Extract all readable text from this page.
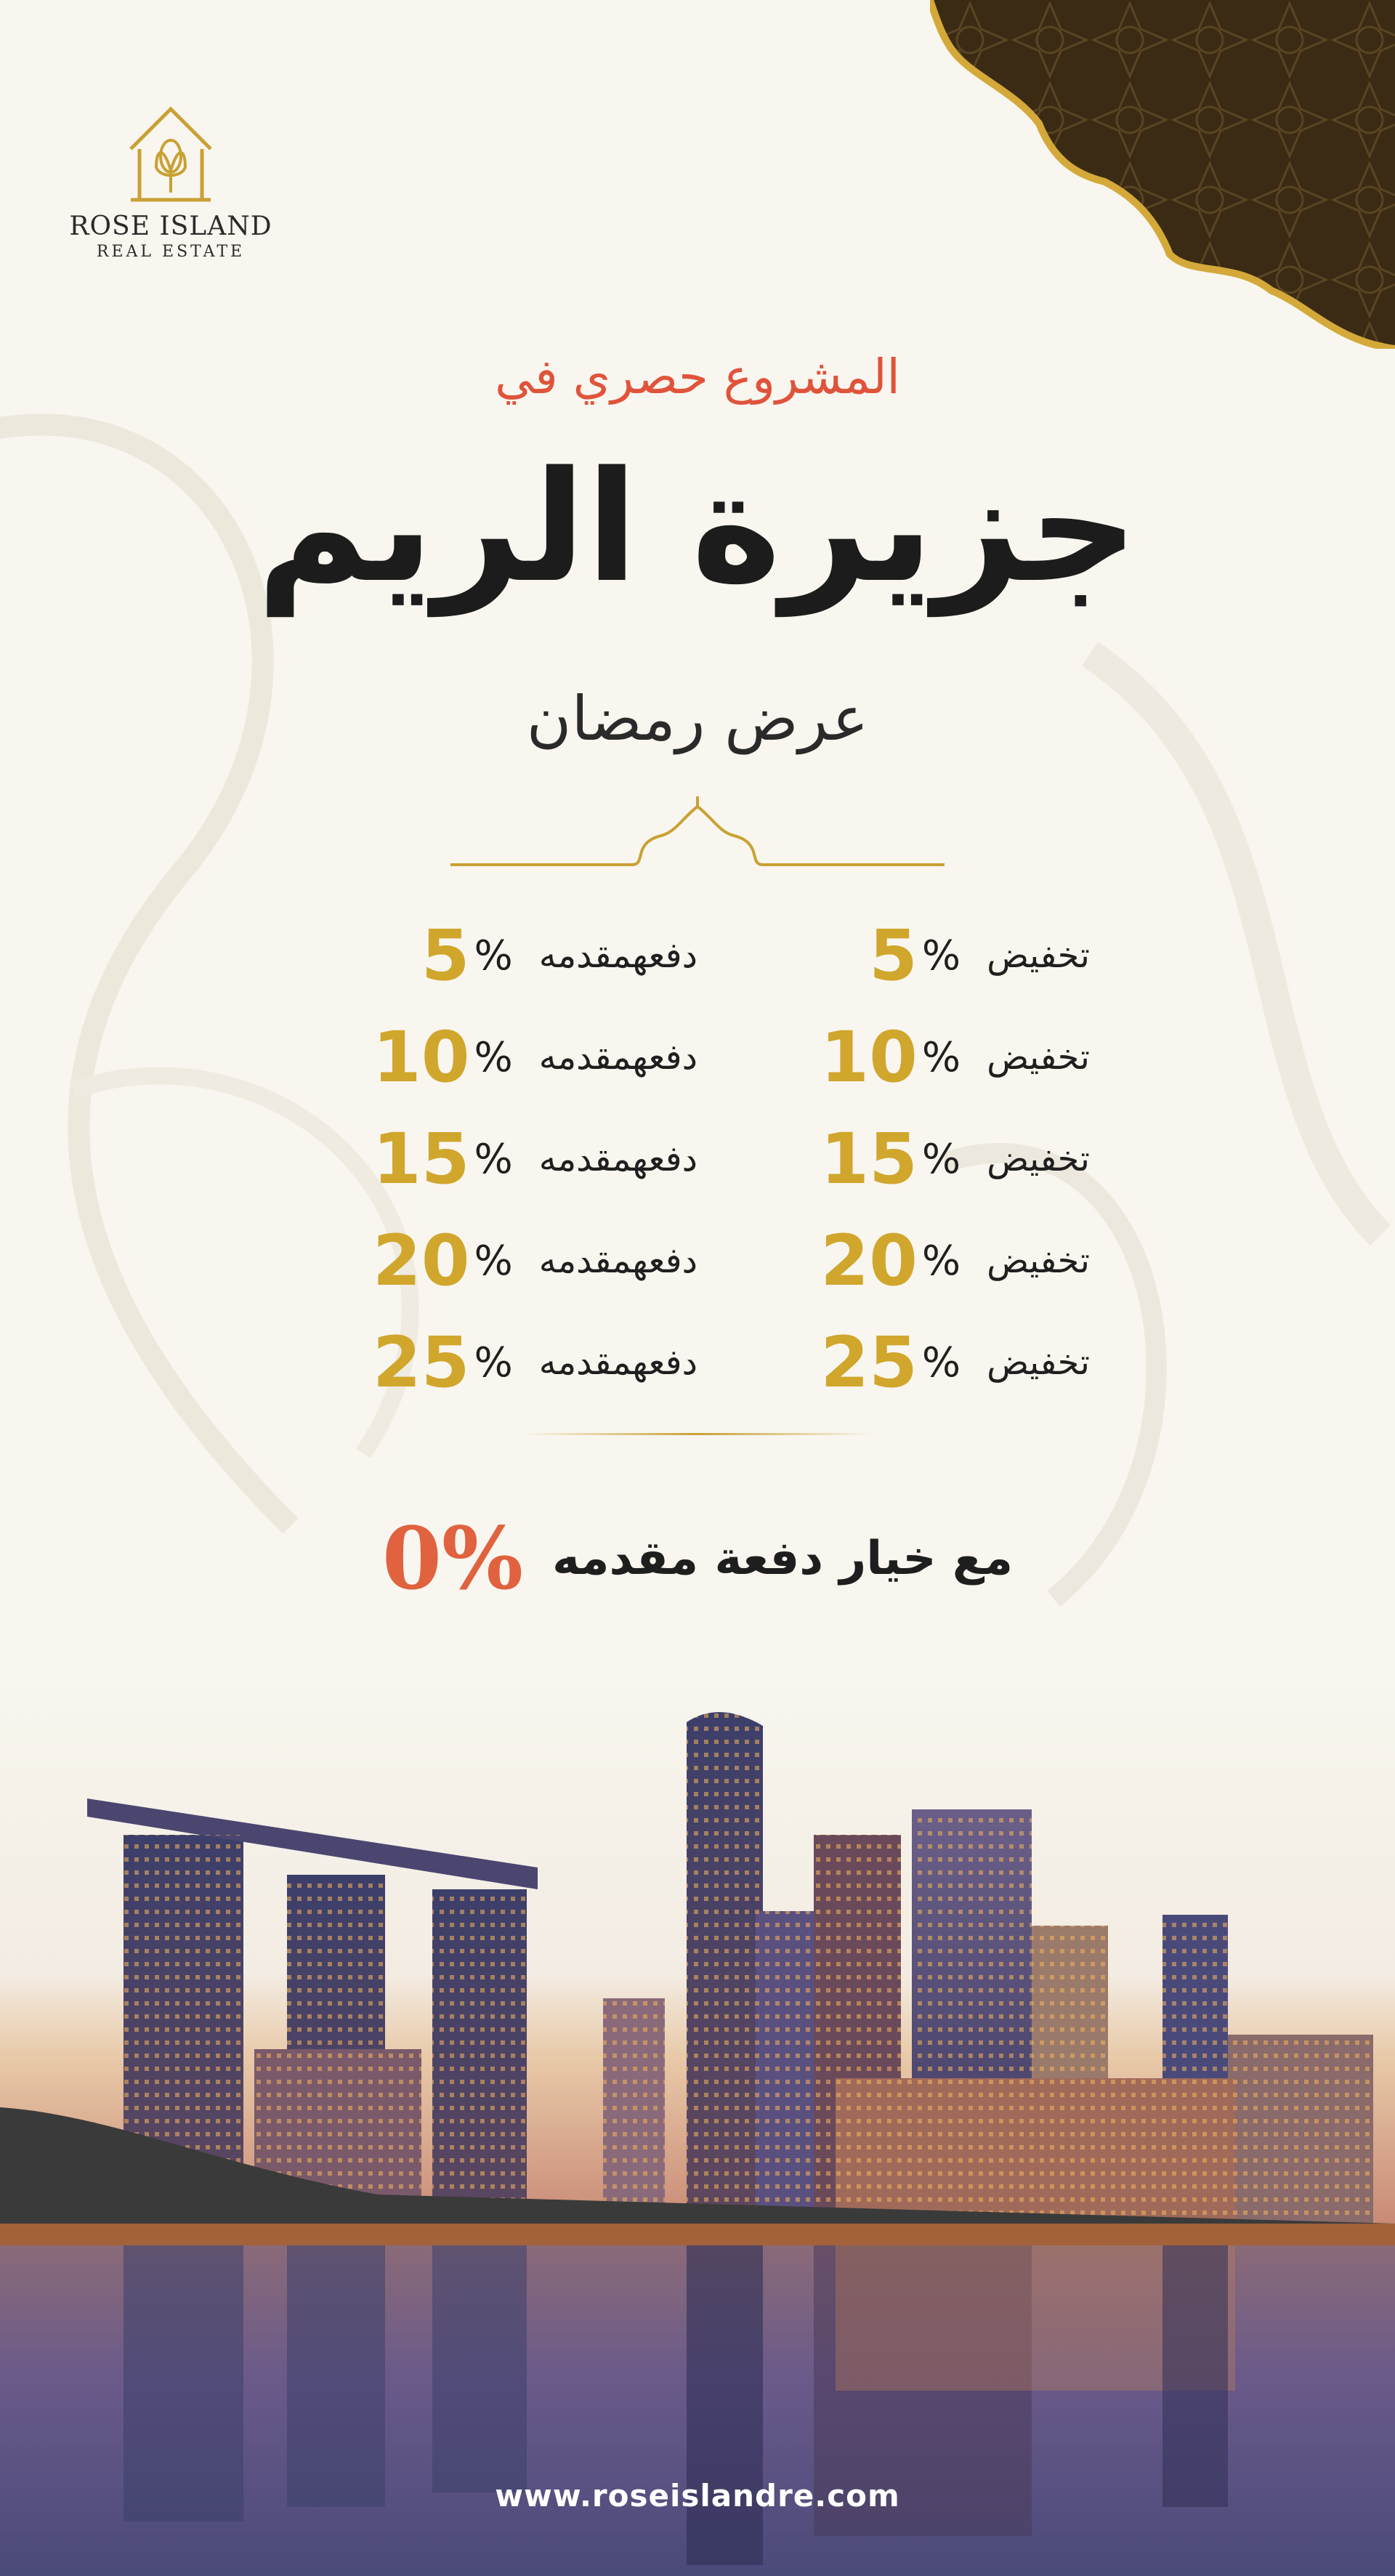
ROSE ISLAND
REAL ESTATE
المشروع حصري في
جزيرة الريم
عرض رمضان
5 % دفعهمقدمه 5 % تخفيض
10 % دفعهمقدمه 10 % تخفيض
15 % دفعهمقدمه 15 % تخفيض
20 % دفعهمقدمه 20 % تخفيض
25 % دفعهمقدمه 25 % تخفيض
0% مع خيار دفعة مقدمه
www.roseislandre.com
